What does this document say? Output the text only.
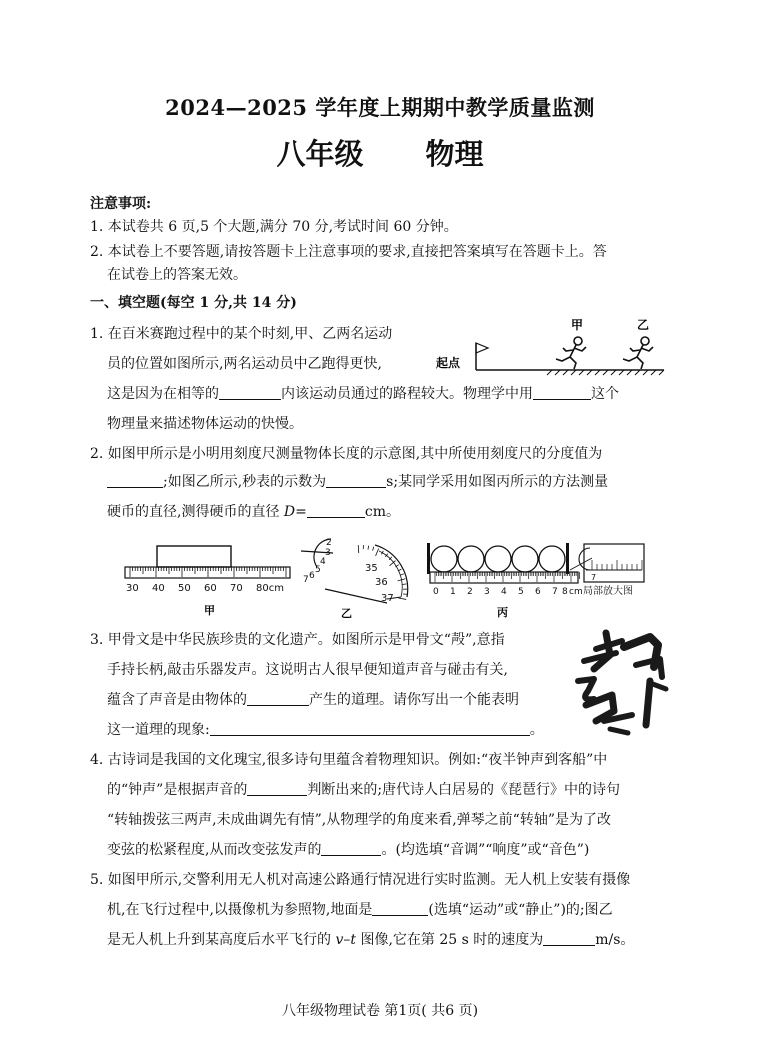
2024—2025 学年度上期期中教学质量监测
八年级 物理
注意事项:
1. 本试卷共 6 页,5 个大题,满分 70 分,考试时间 60 分钟。
2. 本试卷上不要答题,请按答题卡上注意事项的要求,直接把答案填写在答题卡上。答
在试卷上的答案无效。
一、填空题(每空 1 分,共 14 分)
1. 在百米赛跑过程中的某个时刻,甲、乙两名运动
员的位置如图所示,两名运动员中乙跑得更快,
这是因为在相等的	内该运动员通过的路程较大。物理学中用	这个
物理量来描述物体运动的快慢。
起点
甲	乙
2. 如图甲所示是小明用刻度尺测量物体长度的示意图,其中所使用刻度尺的分度值为
;如图乙所示,秒表的示数为	s;某同学采用如图丙所示的方法测量
硬币的直径,测得硬币的直径 D=	cm。
30 40 50 60 70 80cm
甲
2
3
4
5
6
7
35
36
37
乙
0 1 2 3 4 5 6 7 8 cm
7
局部放大图
丙
3. 甲骨文是中华民族珍贵的文化遗产。如图所示是甲骨文“殸”,意指
手持长柄,敲击乐器发声。这说明古人很早便知道声音与碰击有关,
蕴含了声音是由物体的	产生的道理。请你写出一个能表明
这一道理的现象:	。
4. 古诗词是我国的文化瑰宝,很多诗句里蕴含着物理知识。例如:“夜半钟声到客船”中
的“钟声”是根据声音的	判断出来的;唐代诗人白居易的《琵琶行》中的诗句
“转轴拨弦三两声,未成曲调先有情”,从物理学的角度来看,弹琴之前“转轴”是为了改
变弦的松紧程度,从而改变弦发声的	。(均选填“音调”“响度”或“音色”)
5. 如图甲所示,交警利用无人机对高速公路通行情况进行实时监测。无人机上安装有摄像
机,在飞行过程中,以摄像机为参照物,地面是	(选填“运动”或“静止”)的;图乙
是无人机上升到某高度后水平飞行的 v–t 图像,它在第 25 s 时的速度为	m/s。
八年级物理试卷 第1页( 共6 页)
